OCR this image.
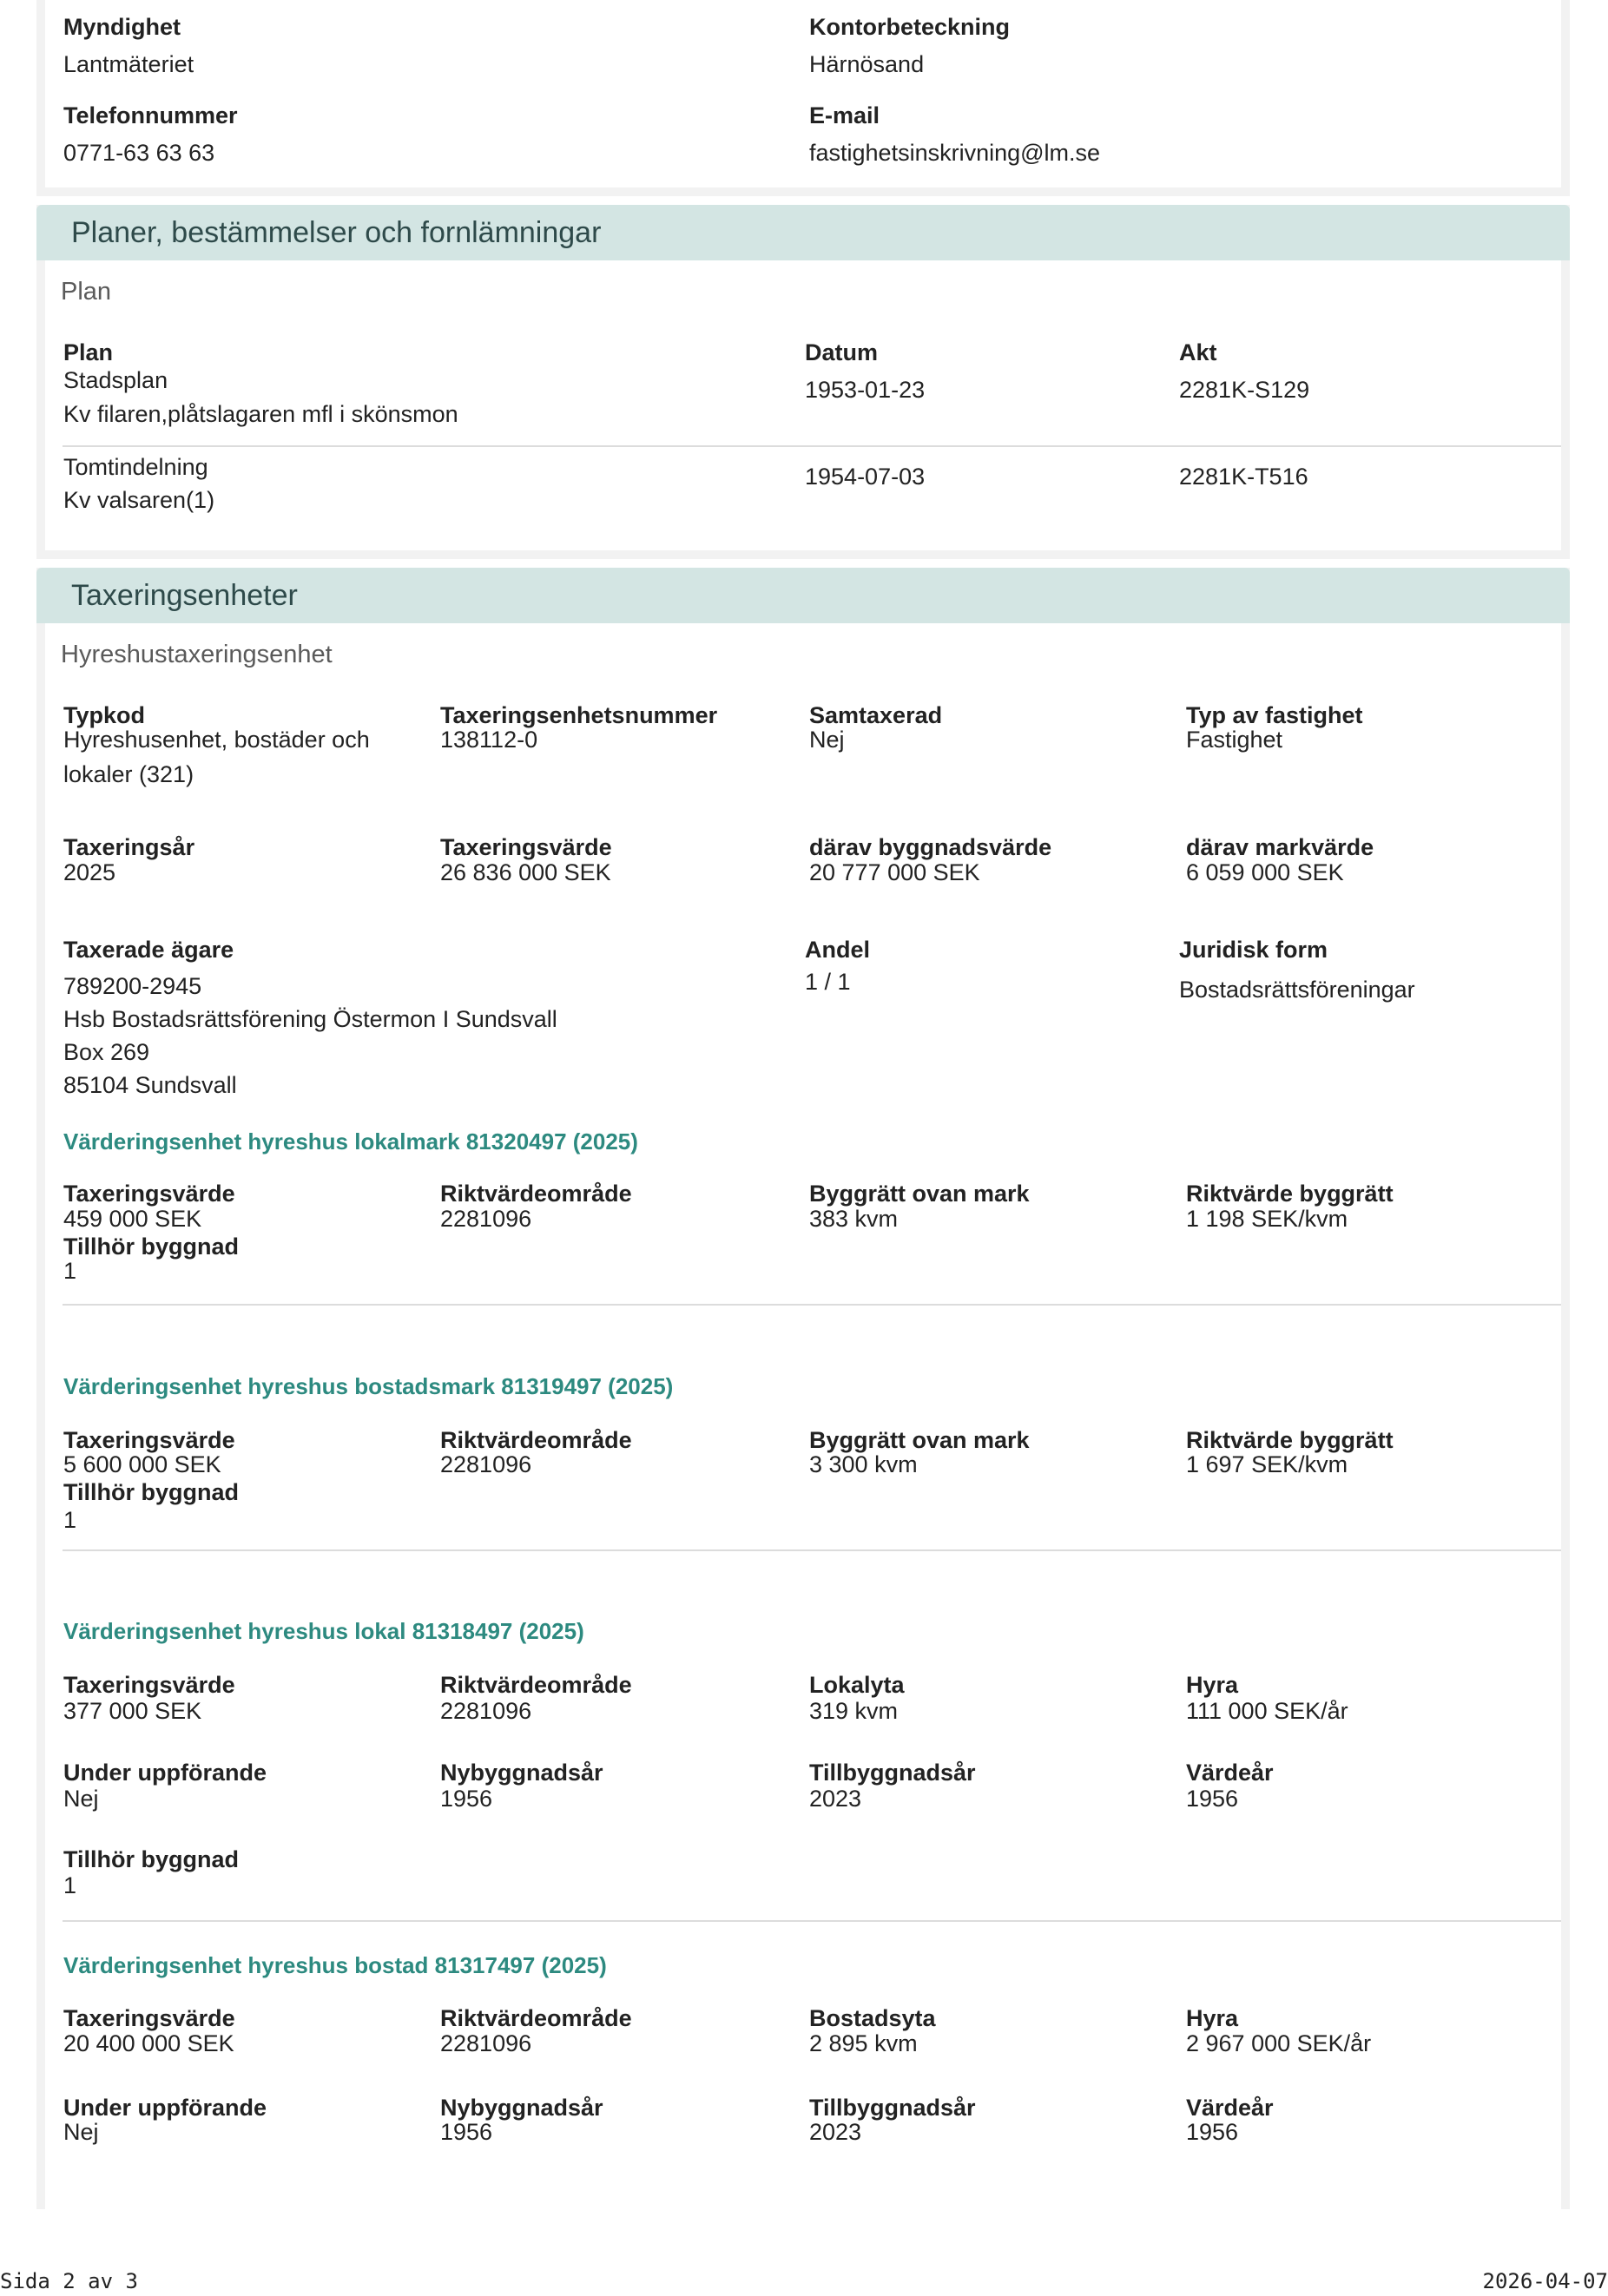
Myndighet
Lantmäteriet
Kontorbeteckning
Härnösand
Telefonnummer
0771-63 63 63
E-mail
fastighetsinskrivning@lm.se
Planer, bestämmelser och fornlämningar
Plan
Plan	Datum	Akt
Stadsplan
Kv filaren,plåtslagaren mfl i skönsmon
1953-01-23	2281K-S129
Tomtindelning
Kv valsaren(1)
1954-07-03	2281K-T516
Taxeringsenheter
Hyreshustaxeringsenhet
Typkod
Hyreshusenhet, bostäder och
lokaler (321)
Taxeringsenhetsnummer
138112-0
Samtaxerad
Nej
Typ av fastighet
Fastighet
Taxeringsår
2025
Taxeringsvärde
26 836 000 SEK
därav byggnadsvärde
20 777 000 SEK
därav markvärde
6 059 000 SEK
Taxerade ägare
789200-2945
Hsb Bostadsrättsförening Östermon I Sundsvall
Box 269
85104 Sundsvall
Andel
1 / 1
Juridisk form
Bostadsrättsföreningar
Värderingsenhet hyreshus lokalmark 81320497 (2025)
Taxeringsvärde
459 000 SEK
Riktvärdeområde
2281096
Byggrätt ovan mark
383 kvm
Riktvärde byggrätt
1 198 SEK/kvm
Tillhör byggnad
1
Värderingsenhet hyreshus bostadsmark 81319497 (2025)
Taxeringsvärde
5 600 000 SEK
Riktvärdeområde
2281096
Byggrätt ovan mark
3 300 kvm
Riktvärde byggrätt
1 697 SEK/kvm
Tillhör byggnad
1
Värderingsenhet hyreshus lokal 81318497 (2025)
Taxeringsvärde
377 000 SEK
Riktvärdeområde
2281096
Lokalyta
319 kvm
Hyra
111 000 SEK/år
Under uppförande
Nej
Nybyggnadsår
1956
Tillbyggnadsår
2023
Värdeår
1956
Tillhör byggnad
1
Värderingsenhet hyreshus bostad 81317497 (2025)
Taxeringsvärde
20 400 000 SEK
Riktvärdeområde
2281096
Bostadsyta
2 895 kvm
Hyra
2 967 000 SEK/år
Under uppförande
Nej
Nybyggnadsår
1956
Tillbyggnadsår
2023
Värdeår
1956
Sida 2 av 3	2026-04-07
